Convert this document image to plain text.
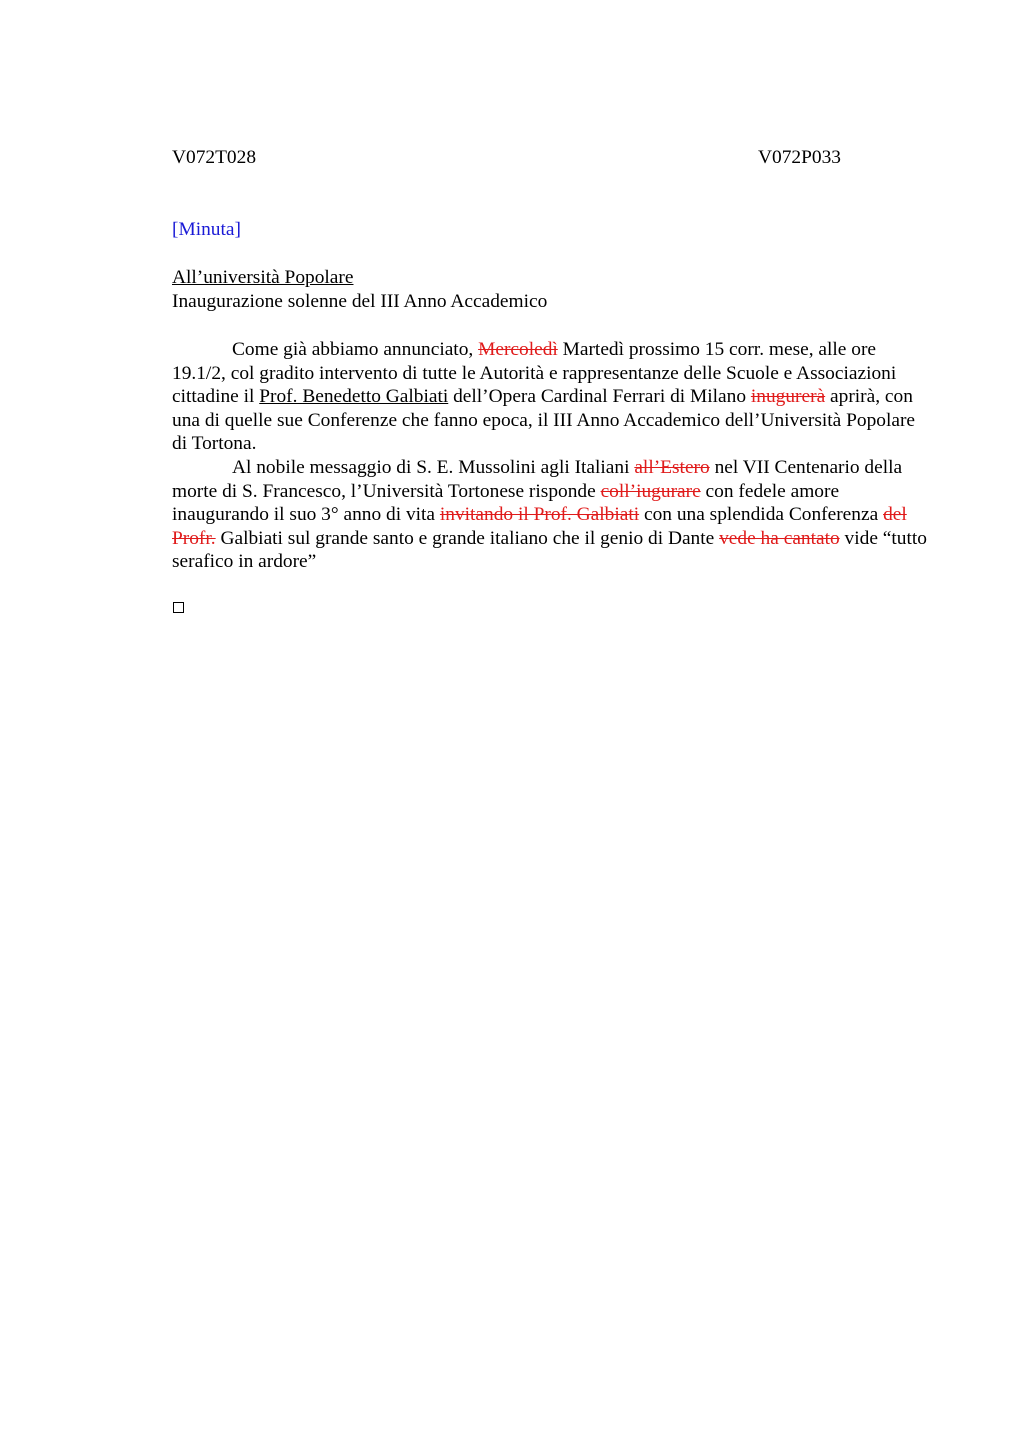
V072T028	V072P033
[Minuta]
All’università Popolare
Inaugurazione solenne del III Anno Accademico

Come già abbiamo annunciato, Mercoledì Martedì prossimo 15 corr. mese, alle ore 19.1/2, col gradito intervento di tutte le Autorità e rappresentanze delle Scuole e Associazioni cittadine il Prof. Benedetto Galbiati dell’Opera Cardinal Ferrari di Milano inugurerà aprirà, con una di quelle sue Conferenze che fanno epoca, il III Anno Accademico dell’Università Popolare di Tortona.

Al nobile messaggio di S. E. Mussolini agli Italiani all’Estero nel VII Centenario della morte di S. Francesco, l’Università Tortonese risponde coll’iugurare con fedele amore inaugurando il suo 3° anno di vita invitando il Prof. Galbiati con una splendida Conferenza del Profr. Galbiati sul grande santo e grande italiano che il genio di Dante vede ha cantato vide “tutto serafico in ardore”
